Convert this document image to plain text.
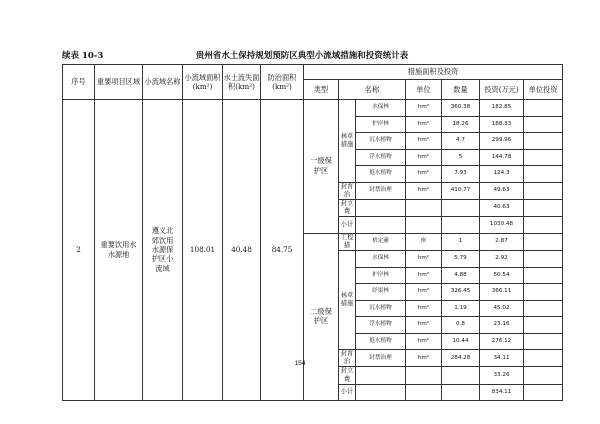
续表 10-3	贵州省水土保持规划预防区典型小流域措施和投资统计表
序号	重要项目区域	小流域名称	小流域面积(km²)	水土流失面积(km²)	防治面积(km²)	措施面积及投资						
						类型	名称		单位	数量	投资(万元)	单位投资
2	重要饮用水水源地	遵义北郊饮用水源保护区小流域	108.01	40.48	84.75	一级保护区	林草措施	水保林	hm²	360.38	182.85	
								护岸林	hm²	18.26	188.33	
								沉水植物	hm²	4.7	299.96	
								浮水植物	hm²	5	144.78	
								挺水植物	hm²	7.93	124.3	
							封育治	封禁治理	hm²	410.77	49.63	
							封立费				40.63	
							小计				1030.48	
						二级保护区	工程措	梧定嫑	座	1	2.87	
							林草措施	水保林	hm²	5.79	2.92	
								护岸林	hm²	4.88	50.54	
								经果林	hm²	326.45	366.11	
								沉水植物	hm²	1.19	45.02	
								浮水植物	hm²	0.8	23.16	
								挺水植物	hm²	10.44	276.12	
							封育治	封禁治理	hm²	284.28	34.11	
							封立费				33.26	
							小计				834.11	
154
